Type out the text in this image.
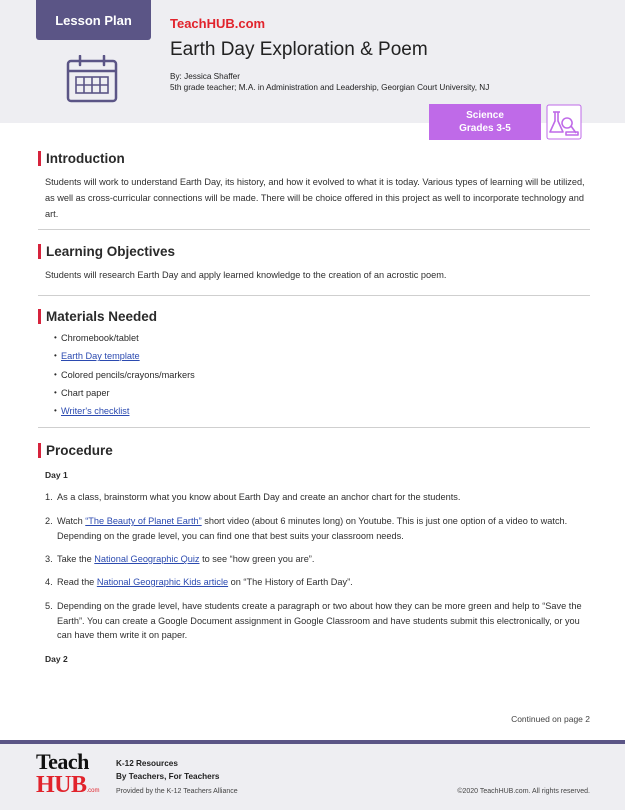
Lesson Plan	TeachHUB.com
Earth Day Exploration & Poem
By: Jessica Shaffer
5th grade teacher; M.A. in Administration and Leadership, Georgian Court University, NJ
Science
Grades 3-5
Introduction
Students will work to understand Earth Day, its history, and how it evolved to what it is today. Various types of learning will be utilized, as well as cross-curricular connections will be made. There will be choice offered in this project as well to incorporate technology and art.
Learning Objectives
Students will research Earth Day and apply learned knowledge to the creation of an acrostic poem.
Materials Needed
• Chromebook/tablet
• Earth Day template
• Colored pencils/crayons/markers
• Chart paper
• Writer's checklist
Procedure
Day 1
1. As a class, brainstorm what you know about Earth Day and create an anchor chart for the students.
2. Watch “The Beauty of Planet Earth” short video (about 6 minutes long) on Youtube. This is just one option of a video to watch. Depending on the grade level, you can find one that best suits your classroom needs.
3. Take the National Geographic Quiz to see “how green you are”.
4. Read the National Geographic Kids article on “The History of Earth Day”.
5. Depending on the grade level, have students create a paragraph or two about how they can be more green and help to “Save the Earth”. You can create a Google Document assignment in Google Classroom and have students submit this electronically, or you can have them write it on paper.
Day 2
Continued on page 2
Teach
HUB.com
K-12 Resources
By Teachers, For Teachers
Provided by the K-12 Teachers Alliance	©2020 TeachHUB.com. All rights reserved.
